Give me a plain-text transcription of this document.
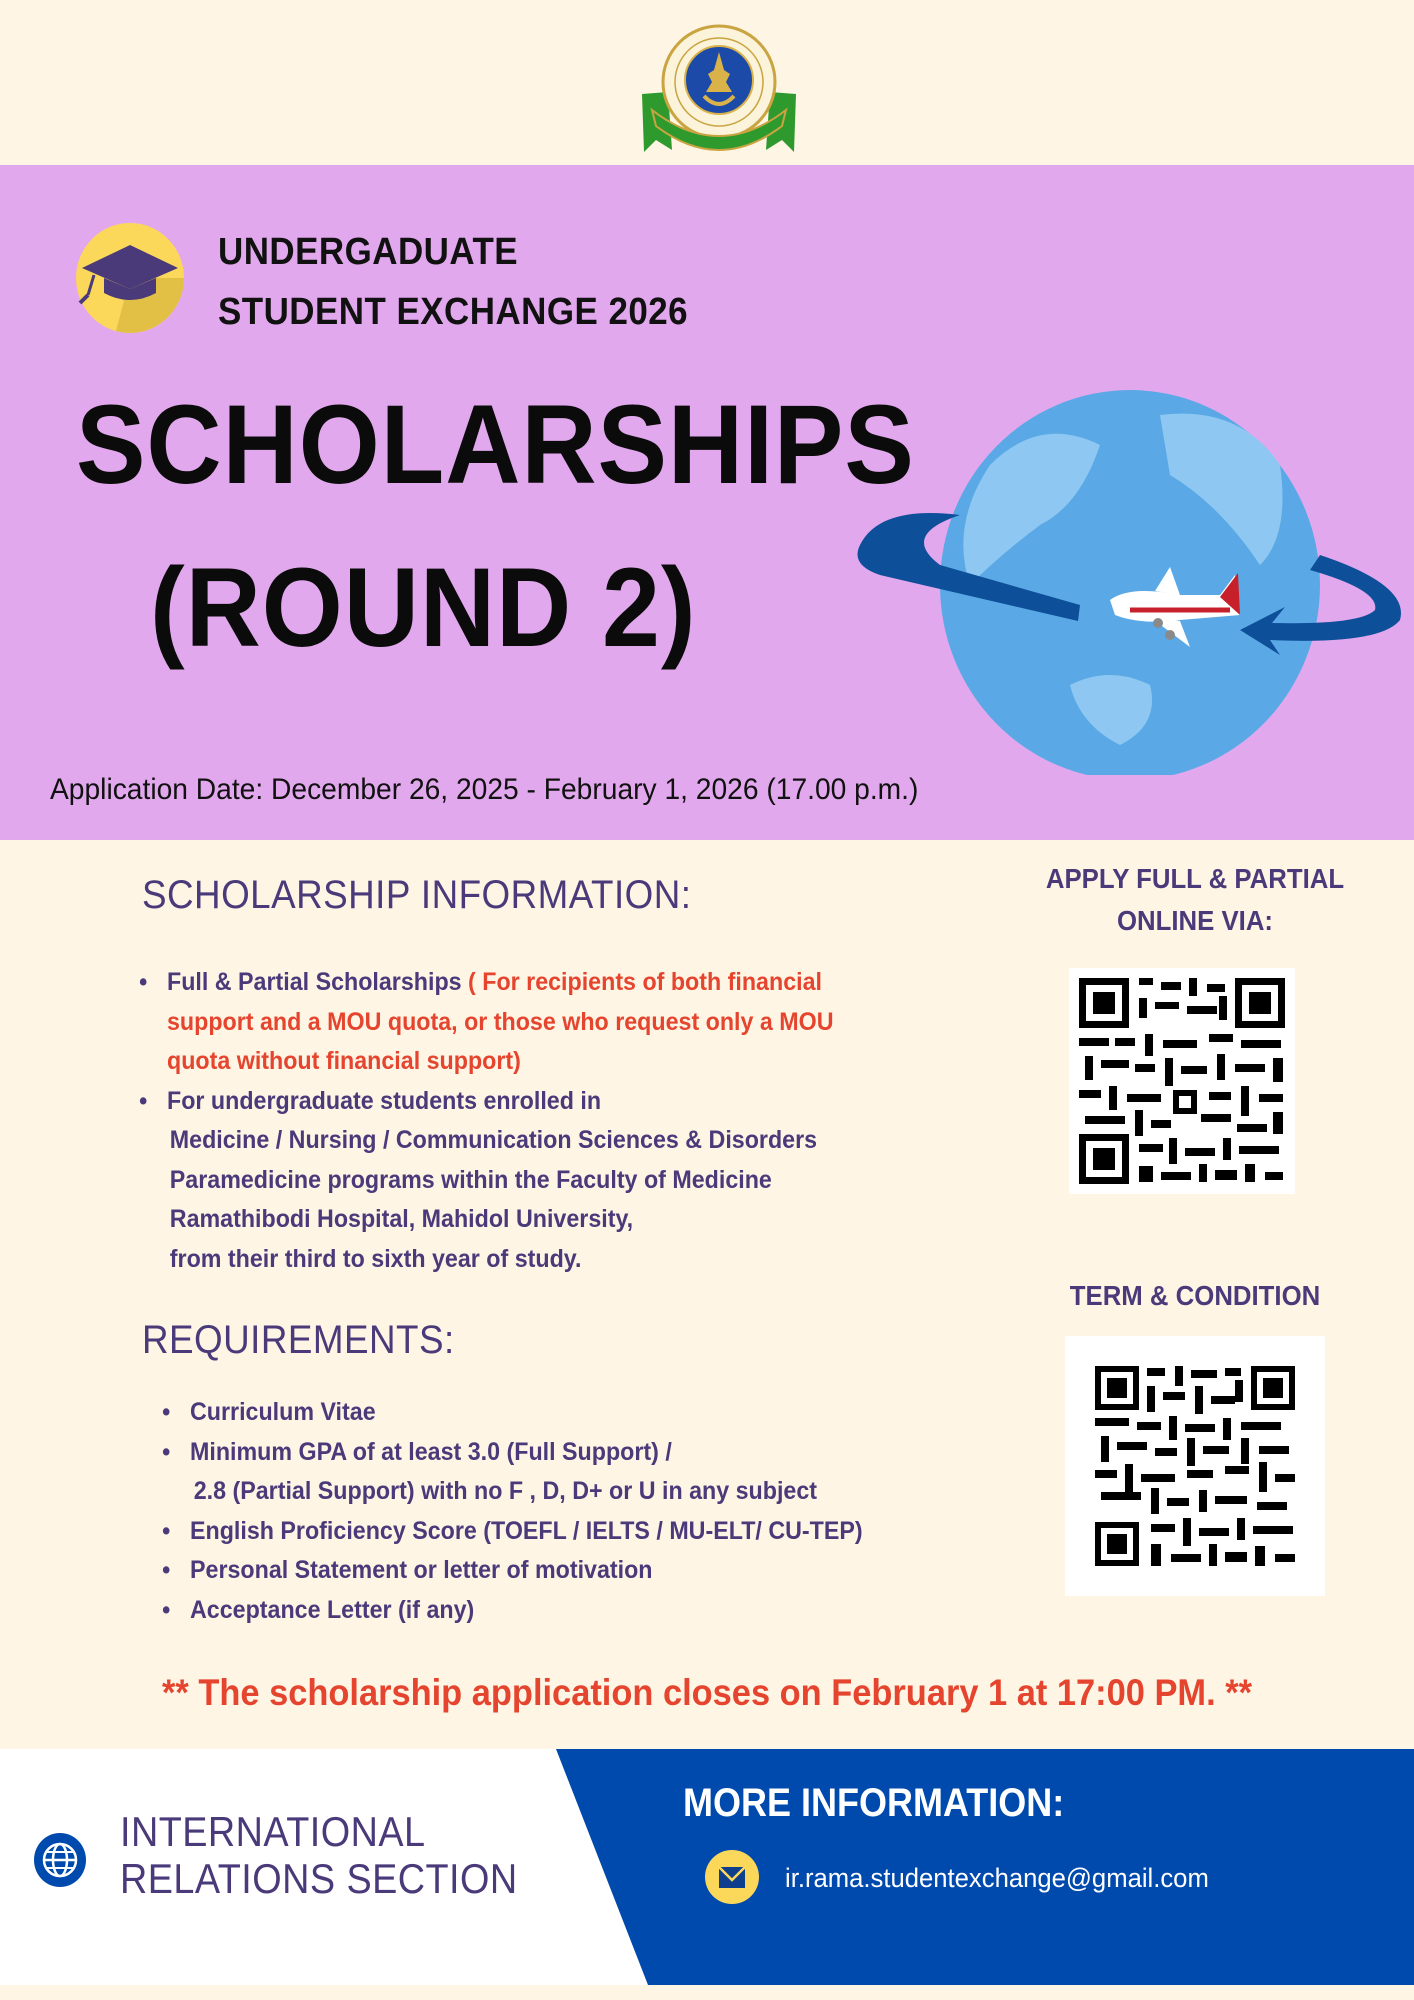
UNDERGADUATE
STUDENT EXCHANGE 2026
SCHOLARSHIPS
(ROUND 2)
Application Date: December 26, 2025 - February 1, 2026 (17.00 p.m.)
SCHOLARSHIP INFORMATION:
• Full & Partial Scholarships ( For recipients of both financial
support and a MOU quota, or those who request only a MOU
quota without financial support)
• For undergraduate students enrolled in
Medicine / Nursing / Communication Sciences & Disorders
Paramedicine programs within the Faculty of Medicine
Ramathibodi Hospital, Mahidol University,
from their third to sixth year of study.
REQUIREMENTS:
• Curriculum Vitae
• Minimum GPA of at least 3.0 (Full Support) /
2.8 (Partial Support) with no F , D, D+ or U in any subject
• English Proficiency Score (TOEFL / IELTS / MU-ELT/ CU-TEP)
• Personal Statement or letter of motivation
• Acceptance Letter (if any)
APPLY FULL & PARTIAL
ONLINE VIA:
TERM & CONDITION
** The scholarship application closes on February 1 at 17:00 PM. **
INTERNATIONAL
RELATIONS SECTION
MORE INFORMATION:
ir.rama.studentexchange@gmail.com
